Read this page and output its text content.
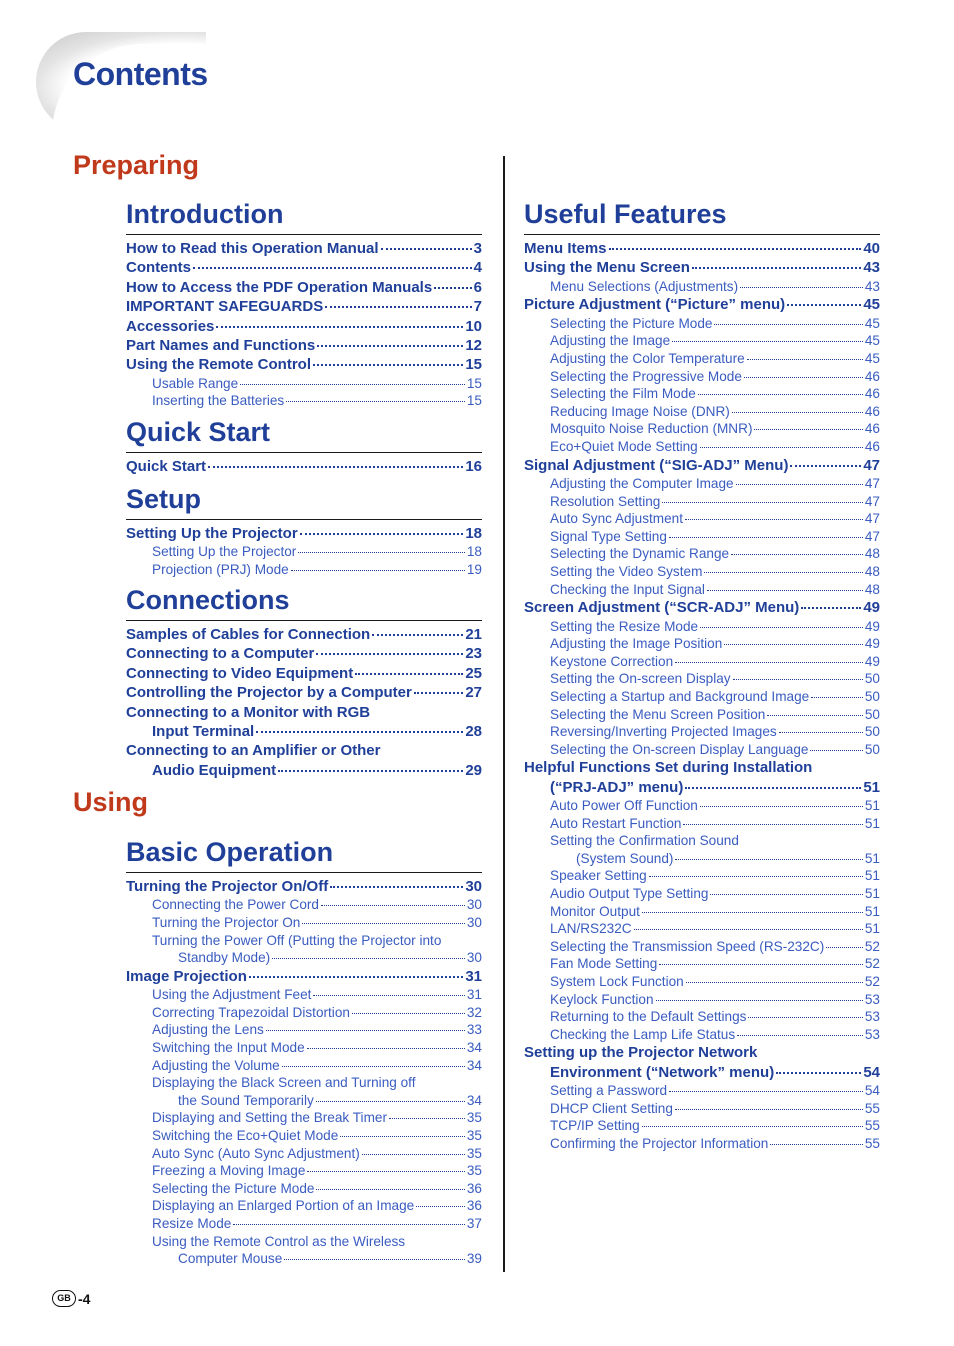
Contents
Preparing
Using
Introduction
How to Read this Operation Manual	3
Contents	4
How to Access the PDF Operation Manuals	6
IMPORTANT SAFEGUARDS	7
Accessories	10
Part Names and Functions	12
Using the Remote Control	15
Usable Range	15
Inserting the Batteries	15
Quick Start
Quick Start	16
Setup
Setting Up the Projector	18
Setting Up the Projector	18
Projection (PRJ) Mode	19
Connections
Samples of Cables for Connection	21
Connecting to a Computer	23
Connecting to Video Equipment	25
Controlling the Projector by a Computer	27
Connecting to a Monitor with RGB
Input Terminal	28
Connecting to an Amplifier or Other
Audio Equipment	29
Basic Operation
Turning the Projector On/Off	30
Connecting the Power Cord	30
Turning the Projector On	30
Turning the Power Off (Putting the Projector into
Standby Mode)	30
Image Projection	31
Using the Adjustment Feet	31
Correcting Trapezoidal Distortion	32
Adjusting the Lens	33
Switching the Input Mode	34
Adjusting the Volume	34
Displaying the Black Screen and Turning off
the Sound Temporarily	34
Displaying and Setting the Break Timer	35
Switching the Eco+Quiet Mode	35
Auto Sync (Auto Sync Adjustment)	35
Freezing a Moving Image	35
Selecting the Picture Mode	36
Displaying an Enlarged Portion of an Image	36
Resize Mode	37
Using the Remote Control as the Wireless
Computer Mouse	39
Useful Features
Menu Items	40
Using the Menu Screen	43
Menu Selections (Adjustments)	43
Picture Adjustment (“Picture” menu)	45
Selecting the Picture Mode	45
Adjusting the Image	45
Adjusting the Color Temperature	45
Selecting the Progressive Mode	46
Selecting the Film Mode	46
Reducing Image Noise (DNR)	46
Mosquito Noise Reduction (MNR)	46
Eco+Quiet Mode Setting	46
Signal Adjustment (“SIG-ADJ” Menu)	47
Adjusting the Computer Image	47
Resolution Setting	47
Auto Sync Adjustment	47
Signal Type Setting	47
Selecting the Dynamic Range	48
Setting the Video System	48
Checking the Input Signal	48
Screen Adjustment (“SCR-ADJ” Menu)	49
Setting the Resize Mode	49
Adjusting the Image Position	49
Keystone Correction	49
Setting the On-screen Display	50
Selecting a Startup and Background Image	50
Selecting the Menu Screen Position	50
Reversing/Inverting Projected Images	50
Selecting the On-screen Display Language	50
Helpful Functions Set during Installation
(“PRJ-ADJ” menu)	51
Auto Power Off Function	51
Auto Restart Function	51
Setting the Confirmation Sound
(System Sound)	51
Speaker Setting	51
Audio Output Type Setting	51
Monitor Output	51
LAN/RS232C	51
Selecting the Transmission Speed (RS-232C)	52
Fan Mode Setting	52
System Lock Function	52
Keylock Function	53
Returning to the Default Settings	53
Checking the Lamp Life Status	53
Setting up the Projector Network
Environment (“Network” menu)	54
Setting a Password	54
DHCP Client Setting	55
TCP/IP Setting	55
Confirming the Projector Information	55
GB -4
